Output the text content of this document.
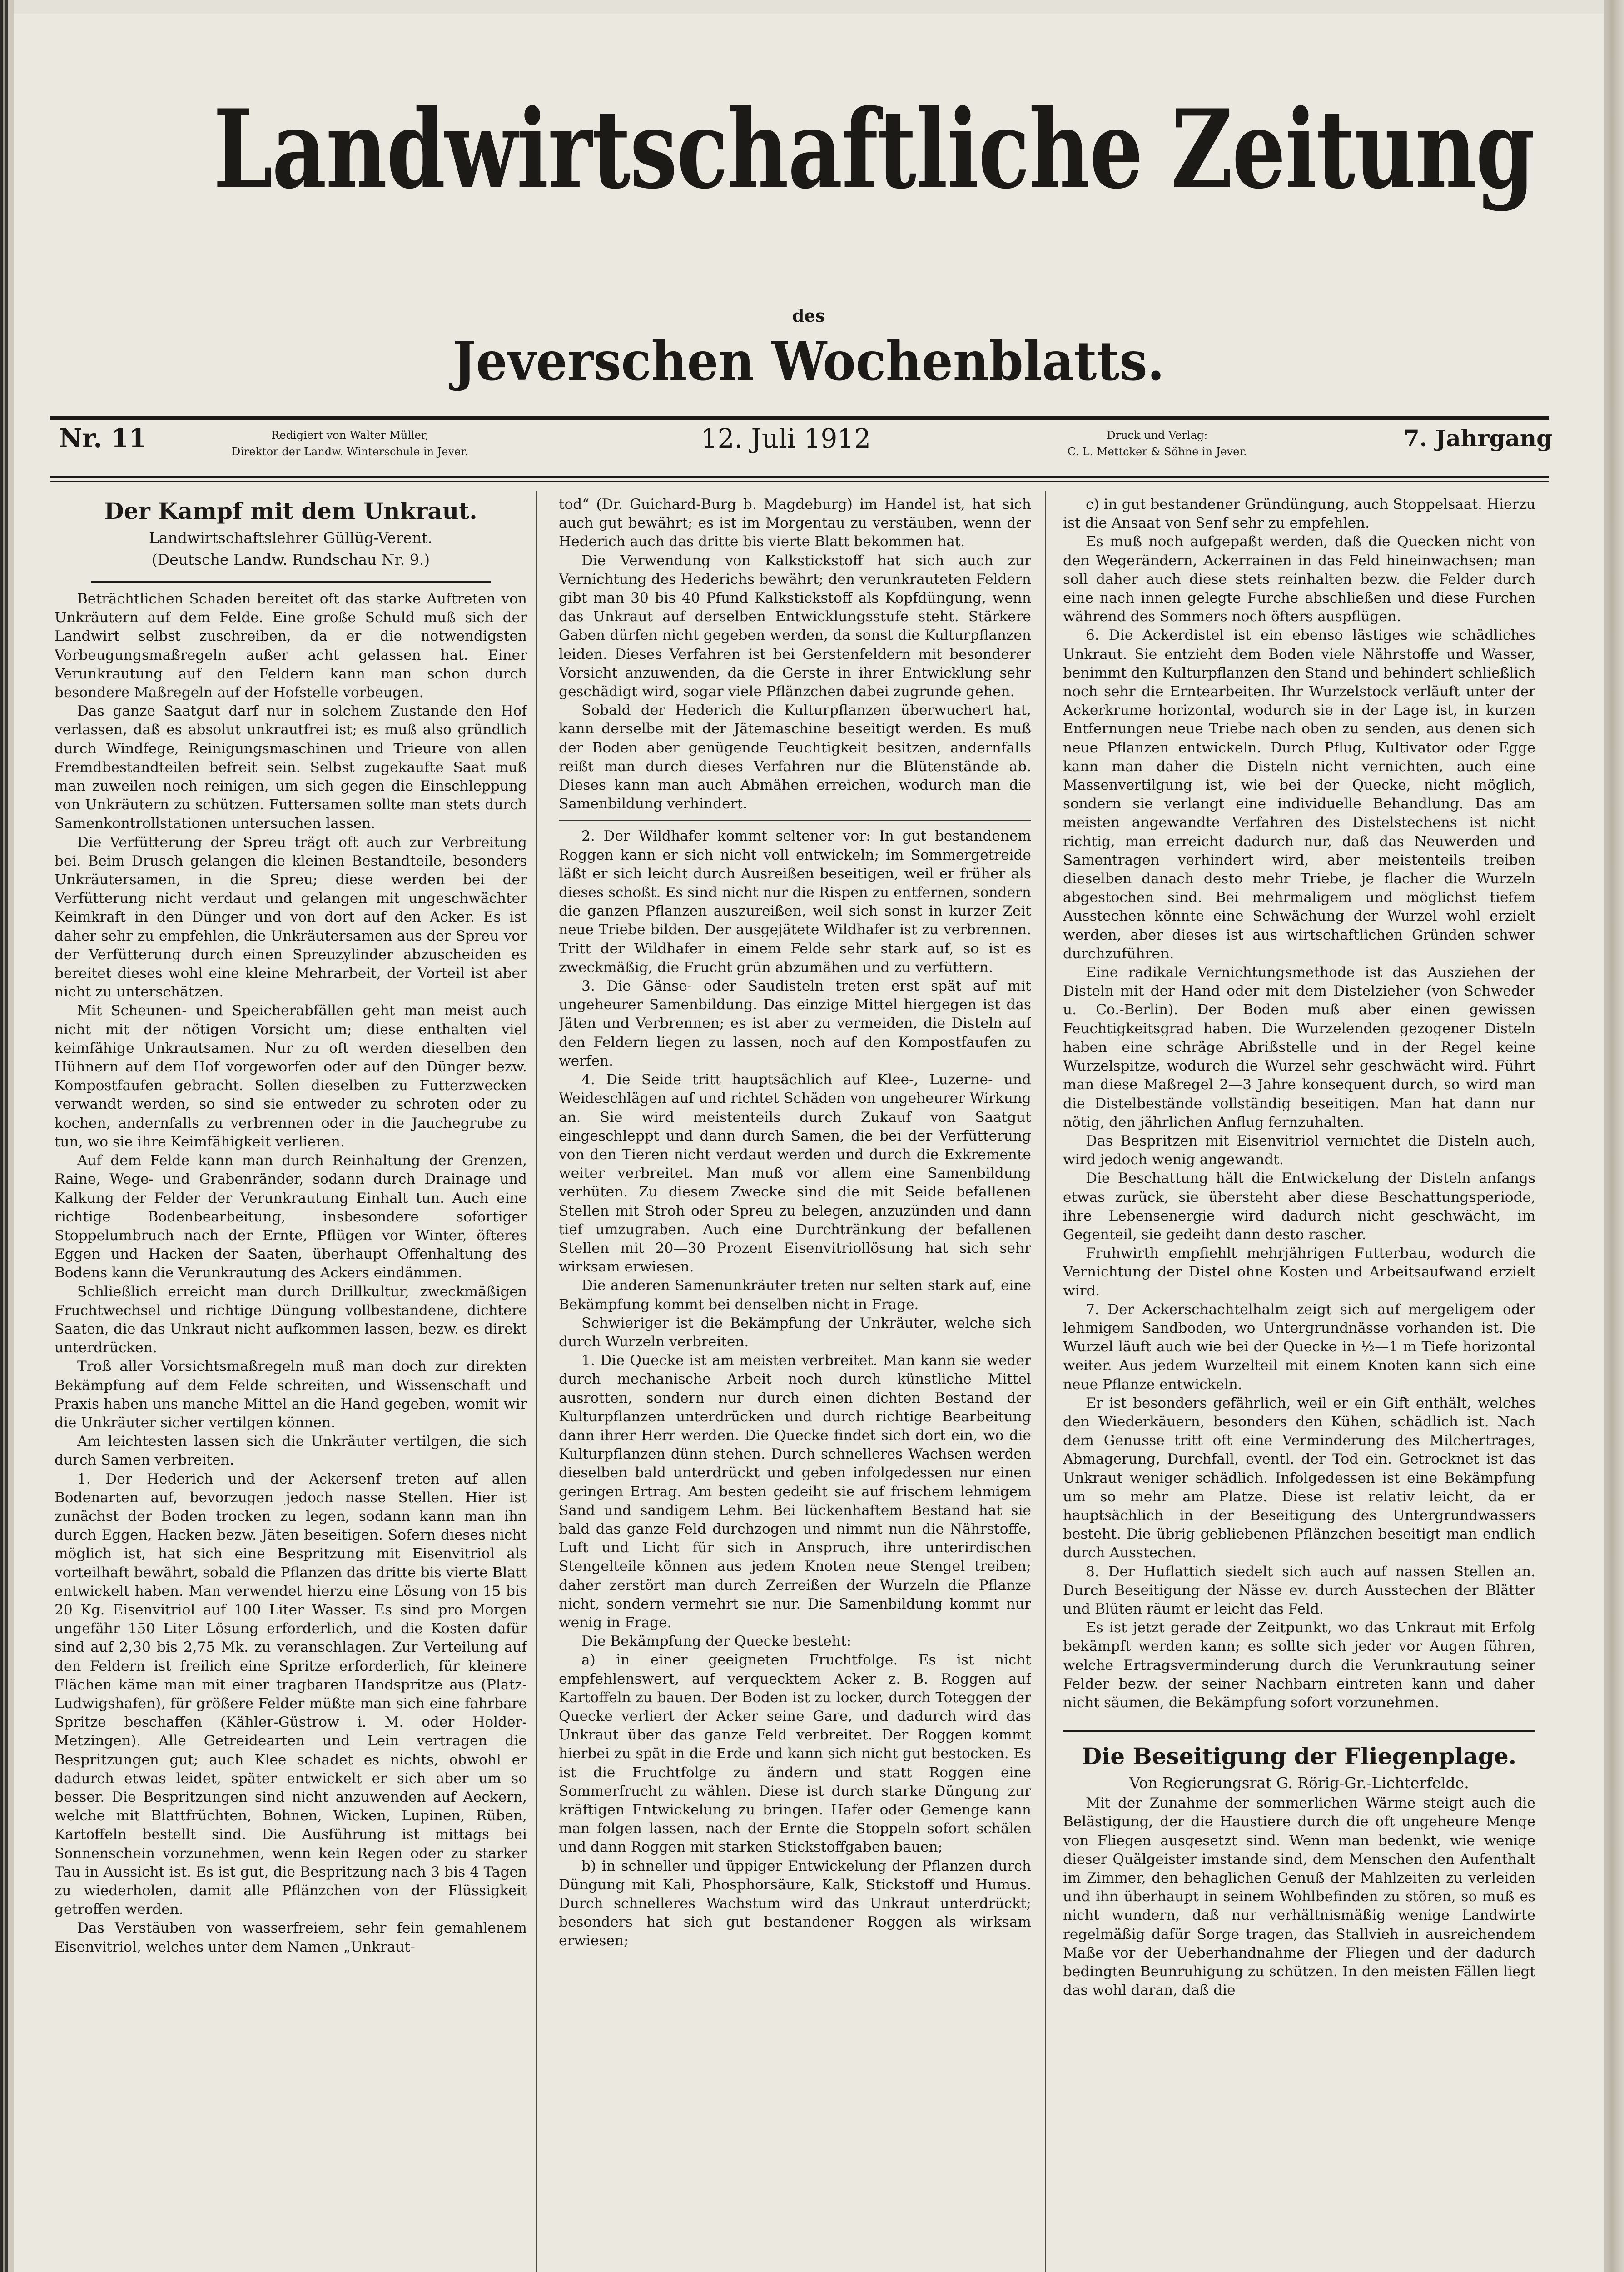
Landwirtschaftliche Zeitung
des
Jeverschen Wochenblatts.
Nr. 11	Redigiert von Walter Müller,
Direktor der Landw. Winterschule in Jever.	12. Juli 1912	Druck und Verlag:
C. L. Mettcker & Söhne in Jever.	7. Jahrgang
Der Kampf mit dem Unkraut.
Landwirtschaftslehrer Güllüg-Verent.
(Deutsche Landw. Rundschau Nr. 9.)

Beträchtlichen Schaden bereitet oft das starke Auftreten von Unkräutern auf dem Felde. Eine große Schuld muß sich der Landwirt selbst zuschreiben, da er die notwendigsten Vorbeugungsmaßregeln außer acht gelassen hat. Einer Verunkrautung auf den Feldern kann man schon durch besondere Maßregeln auf der Hofstelle vorbeugen.

Das ganze Saatgut darf nur in solchem Zustande den Hof verlassen, daß es absolut unkrautfrei ist; es muß also gründlich durch Windfege, Reinigungsmaschinen und Trieure von allen Fremdbestandteilen befreit sein. Selbst zugekaufte Saat muß man zuweilen noch reinigen, um sich gegen die Einschleppung von Unkräutern zu schützen. Futtersamen sollte man stets durch Samenkontrollstationen untersuchen lassen.

Die Verfütterung der Spreu trägt oft auch zur Verbreitung bei. Beim Drusch gelangen die kleinen Bestandteile, besonders Unkräutersamen, in die Spreu; diese werden bei der Verfütterung nicht verdaut und gelangen mit ungeschwächter Keimkraft in den Dünger und von dort auf den Acker. Es ist daher sehr zu empfehlen, die Unkräutersamen aus der Spreu vor der Verfütterung durch einen Spreuzylinder abzuscheiden es bereitet dieses wohl eine kleine Mehrarbeit, der Vorteil ist aber nicht zu unterschätzen.

Mit Scheunen- und Speicherabfällen geht man meist auch nicht mit der nötigen Vorsicht um; diese enthalten viel keimfähige Unkrautsamen. Nur zu oft werden dieselben den Hühnern auf dem Hof vorgeworfen oder auf den Dünger bezw. Kompostfaufen gebracht. Sollen dieselben zu Futterzwecken verwandt werden, so sind sie entweder zu schroten oder zu kochen, andernfalls zu verbrennen oder in die Jauchegrube zu tun, wo sie ihre Keimfähigkeit verlieren.

Auf dem Felde kann man durch Reinhaltung der Grenzen, Raine, Wege- und Grabenränder, sodann durch Drainage und Kalkung der Felder der Verunkrautung Einhalt tun. Auch eine richtige Bodenbearbeitung, insbesondere sofortiger Stoppelumbruch nach der Ernte, Pflügen vor Winter, öfteres Eggen und Hacken der Saaten, überhaupt Offenhaltung des Bodens kann die Verunkrautung des Ackers eindämmen.

Schließlich erreicht man durch Drillkultur, zweckmäßigen Fruchtwechsel und richtige Düngung vollbestandene, dichtere Saaten, die das Unkraut nicht aufkommen lassen, bezw. es direkt unterdrücken.

Troß aller Vorsichtsmaßregeln muß man doch zur direkten Bekämpfung auf dem Felde schreiten, und Wissenschaft und Praxis haben uns manche Mittel an die Hand gegeben, womit wir die Unkräuter sicher vertilgen können.

Am leichtesten lassen sich die Unkräuter vertilgen, die sich durch Samen verbreiten.

1. Der Hederich und der Ackersenf treten auf allen Bodenarten auf, bevorzugen jedoch nasse Stellen. Hier ist zunächst der Boden trocken zu legen, sodann kann man ihn durch Eggen, Hacken bezw. Jäten beseitigen. Sofern dieses nicht möglich ist, hat sich eine Bespritzung mit Eisenvitriol als vorteilhaft bewährt, sobald die Pflanzen das dritte bis vierte Blatt entwickelt haben. Man verwendet hierzu eine Lösung von 15 bis 20 Kg. Eisenvitriol auf 100 Liter Wasser. Es sind pro Morgen ungefähr 150 Liter Lösung erforderlich, und die Kosten dafür sind auf 2,30 bis 2,75 Mk. zu veranschlagen. Zur Verteilung auf den Feldern ist freilich eine Spritze erforderlich, für kleinere Flächen käme man mit einer tragbaren Handspritze aus (Platz-Ludwigshafen), für größere Felder müßte man sich eine fahrbare Spritze beschaffen (Kähler-Güstrow i. M. oder Holder-Metzingen). Alle Getreidearten und Lein vertragen die Bespritzungen gut; auch Klee schadet es nichts, obwohl er dadurch etwas leidet, später entwickelt er sich aber um so besser. Die Bespritzungen sind nicht anzuwenden auf Aeckern, welche mit Blattfrüchten, Bohnen, Wicken, Lupinen, Rüben, Kartoffeln bestellt sind. Die Ausführung ist mittags bei Sonnenschein vorzunehmen, wenn kein Regen oder zu starker Tau in Aussicht ist. Es ist gut, die Bespritzung nach 3 bis 4 Tagen zu wiederholen, damit alle Pflänzchen von der Flüssigkeit getroffen werden.

Das Verstäuben von wasserfreiem, sehr fein gemahlenem Eisenvitriol, welches unter dem Namen „Unkraut-

tod“ (Dr. Guichard-Burg b. Magdeburg) im Handel ist, hat sich auch gut bewährt; es ist im Morgentau zu verstäuben, wenn der Hederich auch das dritte bis vierte Blatt bekommen hat.

Die Verwendung von Kalkstickstoff hat sich auch zur Vernichtung des Hederichs bewährt; den verunkrauteten Feldern gibt man 30 bis 40 Pfund Kalkstickstoff als Kopfdüngung, wenn das Unkraut auf derselben Entwicklungsstufe steht. Stärkere Gaben dürfen nicht gegeben werden, da sonst die Kulturpflanzen leiden. Dieses Verfahren ist bei Gerstenfeldern mit besonderer Vorsicht anzuwenden, da die Gerste in ihrer Entwicklung sehr geschädigt wird, sogar viele Pflänzchen dabei zugrunde gehen.

Sobald der Hederich die Kulturpflanzen überwuchert hat, kann derselbe mit der Jätemaschine beseitigt werden. Es muß der Boden aber genügende Feuchtigkeit besitzen, andernfalls reißt man durch dieses Verfahren nur die Blütenstände ab. Dieses kann man auch Abmähen erreichen, wodurch man die Samenbildung verhindert.

2. Der Wildhafer kommt seltener vor: In gut bestandenem Roggen kann er sich nicht voll entwickeln; im Sommergetreide läßt er sich leicht durch Ausreißen beseitigen, weil er früher als dieses schoßt. Es sind nicht nur die Rispen zu entfernen, sondern die ganzen Pflanzen auszureißen, weil sich sonst in kurzer Zeit neue Triebe bilden. Der ausgejätete Wildhafer ist zu verbrennen. Tritt der Wildhafer in einem Felde sehr stark auf, so ist es zweckmäßig, die Frucht grün abzumähen und zu verfüttern.

3. Die Gänse- oder Saudisteln treten erst spät auf mit ungeheurer Samenbildung. Das einzige Mittel hiergegen ist das Jäten und Verbrennen; es ist aber zu vermeiden, die Disteln auf den Feldern liegen zu lassen, noch auf den Kompostfaufen zu werfen.

4. Die Seide tritt hauptsächlich auf Klee-, Luzerne- und Weideschlägen auf und richtet Schäden von ungeheurer Wirkung an. Sie wird meistenteils durch Zukauf von Saatgut eingeschleppt und dann durch Samen, die bei der Verfütterung von den Tieren nicht verdaut werden und durch die Exkremente weiter verbreitet. Man muß vor allem eine Samenbildung verhüten. Zu diesem Zwecke sind die mit Seide befallenen Stellen mit Stroh oder Spreu zu belegen, anzuzünden und dann tief umzugraben. Auch eine Durchtränkung der befallenen Stellen mit 20—30 Prozent Eisenvitriollösung hat sich sehr wirksam erwiesen.

Die anderen Samenunkräuter treten nur selten stark auf, eine Bekämpfung kommt bei denselben nicht in Frage.

Schwieriger ist die Bekämpfung der Unkräuter, welche sich durch Wurzeln verbreiten.

1. Die Quecke ist am meisten verbreitet. Man kann sie weder durch mechanische Arbeit noch durch künstliche Mittel ausrotten, sondern nur durch einen dichten Bestand der Kulturpflanzen unterdrücken und durch richtige Bearbeitung dann ihrer Herr werden. Die Quecke findet sich dort ein, wo die Kulturpflanzen dünn stehen. Durch schnelleres Wachsen werden dieselben bald unterdrückt und geben infolgedessen nur einen geringen Ertrag. Am besten gedeiht sie auf frischem lehmigem Sand und sandigem Lehm. Bei lückenhaftem Bestand hat sie bald das ganze Feld durchzogen und nimmt nun die Nährstoffe, Luft und Licht für sich in Anspruch, ihre unterirdischen Stengelteile können aus jedem Knoten neue Stengel treiben; daher zerstört man durch Zerreißen der Wurzeln die Pflanze nicht, sondern vermehrt sie nur. Die Samenbildung kommt nur wenig in Frage.

Die Bekämpfung der Quecke besteht:

a) in einer geeigneten Fruchtfolge. Es ist nicht empfehlenswert, auf verquecktem Acker z. B. Roggen auf Kartoffeln zu bauen. Der Boden ist zu locker, durch Toteggen der Quecke verliert der Acker seine Gare, und dadurch wird das Unkraut über das ganze Feld verbreitet. Der Roggen kommt hierbei zu spät in die Erde und kann sich nicht gut bestocken. Es ist die Fruchtfolge zu ändern und statt Roggen eine Sommerfrucht zu wählen. Diese ist durch starke Düngung zur kräftigen Entwickelung zu bringen. Hafer oder Gemenge kann man folgen lassen, nach der Ernte die Stoppeln sofort schälen und dann Roggen mit starken Stickstoffgaben bauen;

b) in schneller und üppiger Entwickelung der Pflanzen durch Düngung mit Kali, Phosphorsäure, Kalk, Stickstoff und Humus. Durch schnelleres Wachstum wird das Unkraut unterdrückt; besonders hat sich gut bestandener Roggen als wirksam erwiesen;

c) in gut bestandener Gründüngung, auch Stoppelsaat. Hierzu ist die Ansaat von Senf sehr zu empfehlen.

Es muß noch aufgepaßt werden, daß die Quecken nicht von den Wegerändern, Ackerrainen in das Feld hineinwachsen; man soll daher auch diese stets reinhalten bezw. die Felder durch eine nach innen gelegte Furche abschließen und diese Furchen während des Sommers noch öfters auspflügen.

6. Die Ackerdistel ist ein ebenso lästiges wie schädliches Unkraut. Sie entzieht dem Boden viele Nährstoffe und Wasser, benimmt den Kulturpflanzen den Stand und behindert schließlich noch sehr die Erntearbeiten. Ihr Wurzelstock verläuft unter der Ackerkrume horizontal, wodurch sie in der Lage ist, in kurzen Entfernungen neue Triebe nach oben zu senden, aus denen sich neue Pflanzen entwickeln. Durch Pflug, Kultivator oder Egge kann man daher die Disteln nicht vernichten, auch eine Massenvertilgung ist, wie bei der Quecke, nicht möglich, sondern sie verlangt eine individuelle Behandlung. Das am meisten angewandte Verfahren des Distelstechens ist nicht richtig, man erreicht dadurch nur, daß das Neuwerden und Samentragen verhindert wird, aber meistenteils treiben dieselben danach desto mehr Triebe, je flacher die Wurzeln abgestochen sind. Bei mehrmaligem und möglichst tiefem Ausstechen könnte eine Schwächung der Wurzel wohl erzielt werden, aber dieses ist aus wirtschaftlichen Gründen schwer durchzuführen.

Eine radikale Vernichtungsmethode ist das Ausziehen der Disteln mit der Hand oder mit dem Distelzieher (von Schweder u. Co.-Berlin). Der Boden muß aber einen gewissen Feuchtigkeitsgrad haben. Die Wurzelenden gezogener Disteln haben eine schräge Abrißstelle und in der Regel keine Wurzelspitze, wodurch die Wurzel sehr geschwächt wird. Führt man diese Maßregel 2—3 Jahre konsequent durch, so wird man die Distelbestände vollständig beseitigen. Man hat dann nur nötig, den jährlichen Anflug fernzuhalten.

Das Bespritzen mit Eisenvitriol vernichtet die Disteln auch, wird jedoch wenig angewandt.

Die Beschattung hält die Entwickelung der Disteln anfangs etwas zurück, sie übersteht aber diese Beschattungsperiode, ihre Lebensenergie wird dadurch nicht geschwächt, im Gegenteil, sie gedeiht dann desto rascher.

Fruhwirth empfiehlt mehrjährigen Futterbau, wodurch die Vernichtung der Distel ohne Kosten und Arbeitsaufwand erzielt wird.

7. Der Ackerschachtelhalm zeigt sich auf mergeligem oder lehmigem Sandboden, wo Untergrundnässe vorhanden ist. Die Wurzel läuft auch wie bei der Quecke in ½—1 m Tiefe horizontal weiter. Aus jedem Wurzelteil mit einem Knoten kann sich eine neue Pflanze entwickeln.

Er ist besonders gefährlich, weil er ein Gift enthält, welches den Wiederkäuern, besonders den Kühen, schädlich ist. Nach dem Genusse tritt oft eine Verminderung des Milchertrages, Abmagerung, Durchfall, eventl. der Tod ein. Getrocknet ist das Unkraut weniger schädlich. Infolgedessen ist eine Bekämpfung um so mehr am Platze. Diese ist relativ leicht, da er hauptsächlich in der Beseitigung des Untergrundwassers besteht. Die übrig gebliebenen Pflänzchen beseitigt man endlich durch Ausstechen.

8. Der Huflattich siedelt sich auch auf nassen Stellen an. Durch Beseitigung der Nässe ev. durch Ausstechen der Blätter und Blüten räumt er leicht das Feld.

Es ist jetzt gerade der Zeitpunkt, wo das Unkraut mit Erfolg bekämpft werden kann; es sollte sich jeder vor Augen führen, welche Ertragsverminderung durch die Verunkrautung seiner Felder bezw. der seiner Nachbarn eintreten kann und daher nicht säumen, die Bekämpfung sofort vorzunehmen.

Die Beseitigung der Fliegenplage.
Von Regierungsrat G. Rörig-Gr.-Lichterfelde.

Mit der Zunahme der sommerlichen Wärme steigt auch die Belästigung, der die Haustiere durch die oft ungeheure Menge von Fliegen ausgesetzt sind. Wenn man bedenkt, wie wenige dieser Quälgeister imstande sind, dem Menschen den Aufenthalt im Zimmer, den behaglichen Genuß der Mahlzeiten zu verleiden und ihn überhaupt in seinem Wohlbefinden zu stören, so muß es nicht wundern, daß nur verhältnismäßig wenige Landwirte regelmäßig dafür Sorge tragen, das Stallvieh in ausreichendem Maße vor der Ueberhandnahme der Fliegen und der dadurch bedingten Beunruhigung zu schützen. In den meisten Fällen liegt das wohl daran, daß die
